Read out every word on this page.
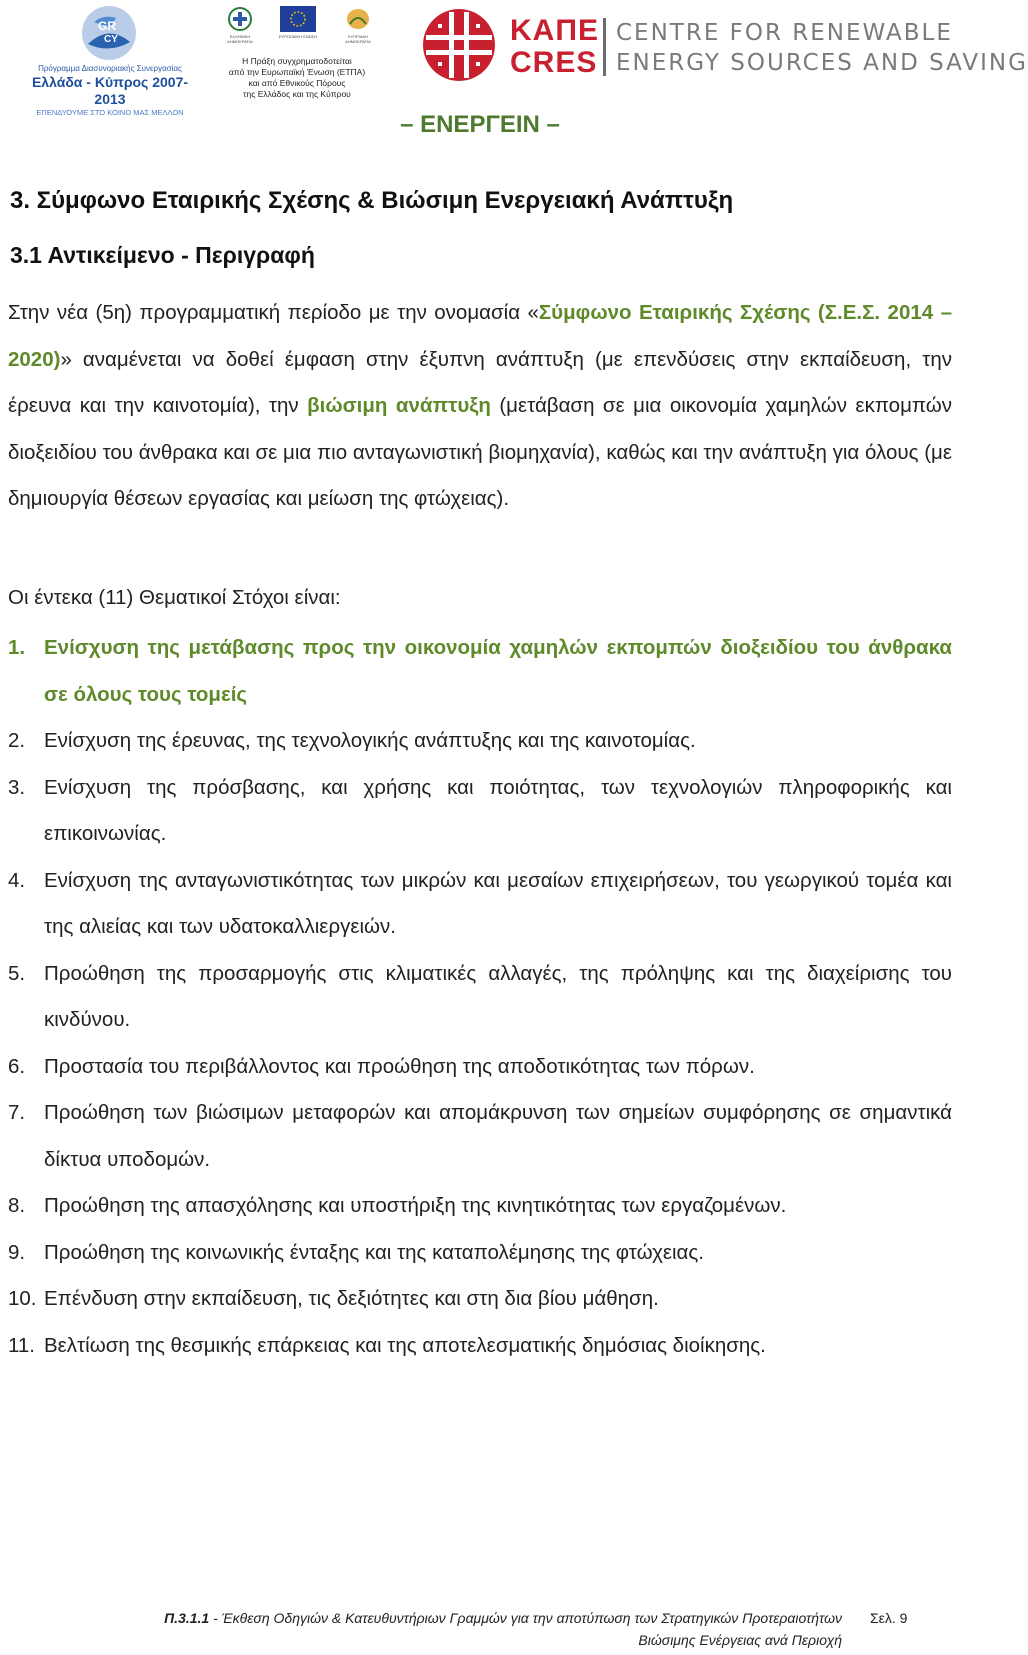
GR
CY
Πρόγραμμα Διασυνοριακής Συνεργασίας
Ελλάδα - Κύπρος 2007-2013
ΕΠΕΝΔΥΟΥΜΕ ΣΤΟ ΚΟΙΝΟ ΜΑΣ ΜΕΛΛΟΝ
ΕΛΛΗΝΙΚΗ ΔΗΜΟΚΡΑΤΙΑ
ΕΥΡΩΠΑΪΚΗ ΕΝΩΣΗ	ΚΥΠΡΙΑΚΗ ΔΗΜΟΚΡΑΤΙΑ
Η Πράξη συγχρηματοδοτείται
από την Ευρωπαϊκή Ένωση (ΕΤΠΑ)
και από Εθνικούς Πόρους
της Ελλάδος και της Κύπρου
ΚΑΠΕ
CRES
CENTRE FOR RENEWABLE
ENERGY SOURCES AND SAVING
– ΕΝΕΡΓΕΙΝ –
3. Σύμφωνο Εταιρικής Σχέσης & Βιώσιμη Ενεργειακή Ανάπτυξη
3.1 Αντικείμενο - Περιγραφή
Στην νέα (5η) προγραμματική περίοδο με την ονομασία «Σύμφωνο Εταιρικής Σχέσης (Σ.Ε.Σ. 2014 – 2020)» αναμένεται να δοθεί έμφαση στην έξυπνη ανάπτυξη (με επενδύσεις στην εκπαίδευση, την έρευνα και την καινοτομία), την βιώσιμη ανάπτυξη (μετάβαση σε μια οικονομία χαμηλών εκπομπών διοξειδίου του άνθρακα και σε μια πιο ανταγωνιστική βιομηχανία), καθώς και την ανάπτυξη για όλους (με δημιουργία θέσεων εργασίας και μείωση της φτώχειας).
Οι έντεκα (11) Θεματικοί Στόχοι είναι:
1. Ενίσχυση της μετάβασης προς την οικονομία χαμηλών εκπομπών διοξειδίου του άνθρακα σε όλους τους τομείς
2. Ενίσχυση της έρευνας, της τεχνολογικής ανάπτυξης και της καινοτομίας.
3. Ενίσχυση της πρόσβασης, και χρήσης και ποιότητας, των τεχνολογιών πληροφορικής και επικοινωνίας.
4. Ενίσχυση της ανταγωνιστικότητας των μικρών και μεσαίων επιχειρήσεων, του γεωργικού τομέα και της αλιείας και των υδατοκαλλιεργειών.
5. Προώθηση της προσαρμογής στις κλιματικές αλλαγές, της πρόληψης και της διαχείρισης του κινδύνου.
6. Προστασία του περιβάλλοντος και προώθηση της αποδοτικότητας των πόρων.
7. Προώθηση των βιώσιμων μεταφορών και απομάκρυνση των σημείων συμφόρησης σε σημαντικά δίκτυα υποδομών.
8. Προώθηση της απασχόλησης και υποστήριξη της κινητικότητας των εργαζομένων.
9. Προώθηση της κοινωνικής ένταξης και της καταπολέμησης της φτώχειας.
10. Επένδυση στην εκπαίδευση, τις δεξιότητες και στη δια βίου μάθηση.
11. Βελτίωση της θεσμικής επάρκειας και της αποτελεσματικής δημόσιας διοίκησης.
Π.3.1.1 - Έκθεση Οδηγιών & Κατευθυντήριων Γραμμών για την αποτύπωση των Στρατηγικών Προτεραιοτήτων
Βιώσιμης Ενέργειας ανά Περιοχή
Σελ. 9
